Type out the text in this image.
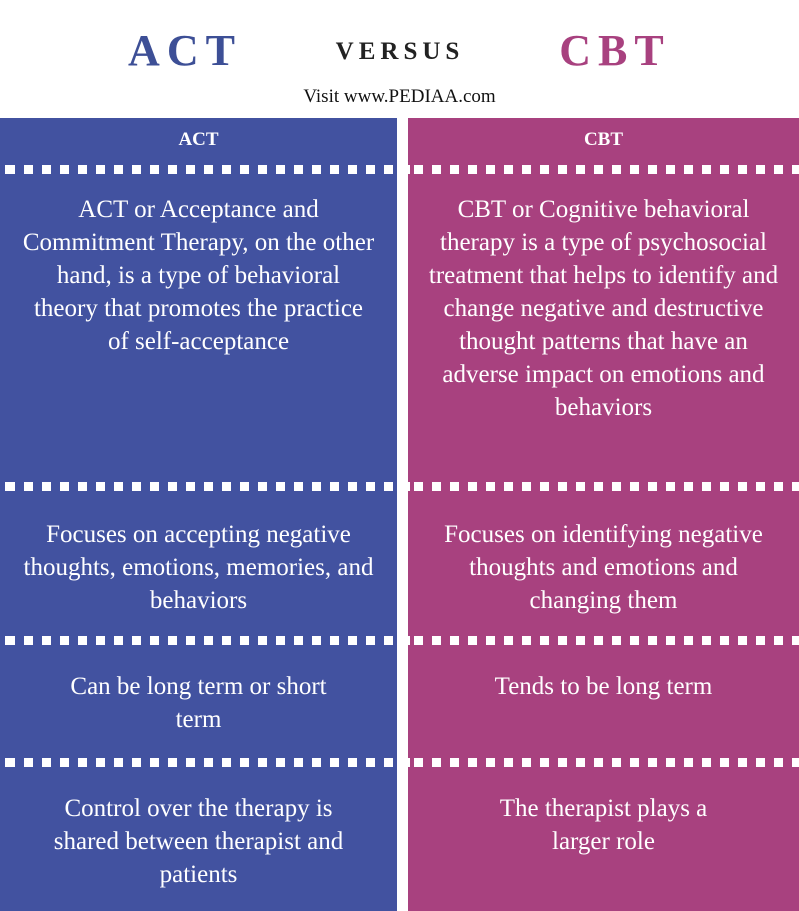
ACT	VERSUS	CBT
Visit www.PEDIAA.com
ACT
ACT or Acceptance and Commitment Therapy, on the other hand, is a type of behavioral theory that promotes the practice of self-acceptance
Focuses on accepting negative thoughts, emotions, memories, and behaviors
Can be long term or short term
Control over the therapy is shared between therapist and patients
CBT
CBT or Cognitive behavioral therapy is a type of psychosocial treatment that helps to identify and change negative and destructive thought patterns that have an adverse impact on emotions and behaviors
Focuses on identifying negative thoughts and emotions and changing them
Tends to be long term
The therapist plays a larger role
